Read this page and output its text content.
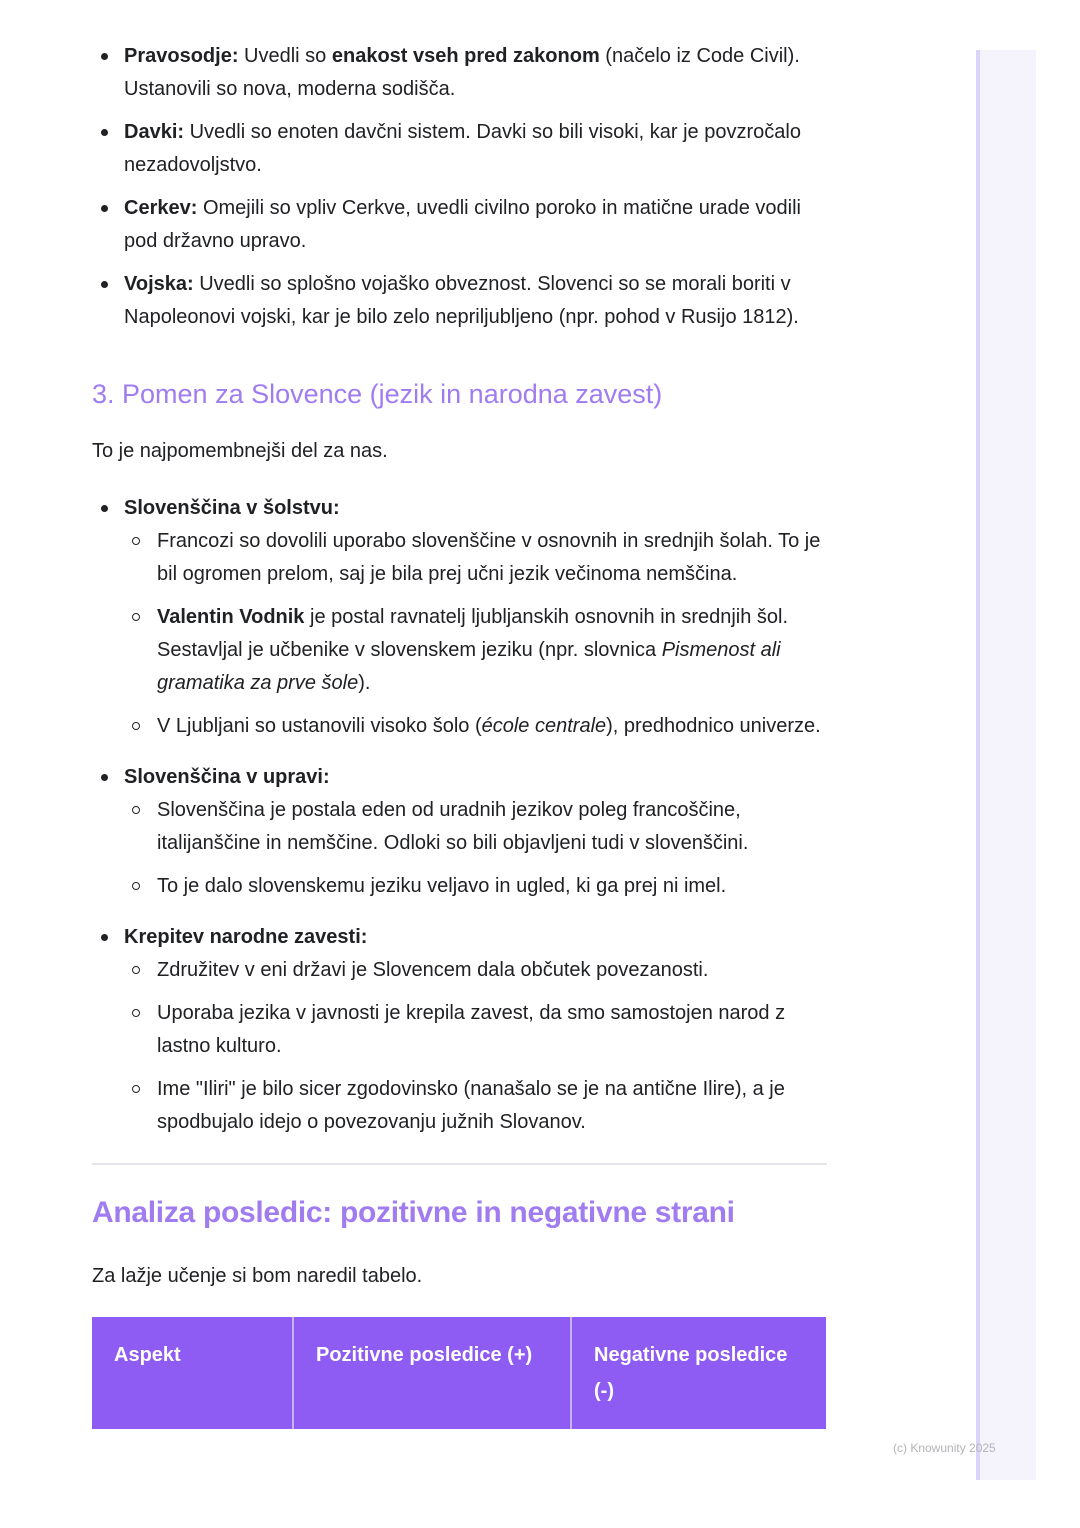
Pravosodje: Uvedli so enakost vseh pred zakonom (načelo iz Code Civil). Ustanovili so nova, moderna sodišča.
Davki: Uvedli so enoten davčni sistem. Davki so bili visoki, kar je povzročalo nezadovoljstvo.
Cerkev: Omejili so vpliv Cerkve, uvedli civilno poroko in matične urade vodili pod državno upravo.
Vojska: Uvedli so splošno vojaško obveznost. Slovenci so se morali boriti v Napoleonovi vojski, kar je bilo zelo nepriljubljeno (npr. pohod v Rusijo 1812).
3. Pomen za Slovence (jezik in narodna zavest)

To je najpomembnejši del za nas.

Slovenščina v šolstvu:
Francozi so dovolili uporabo slovenščine v osnovnih in srednjih šolah. To je bil ogromen prelom, saj je bila prej učni jezik večinoma nemščina.
Valentin Vodnik je postal ravnatelj ljubljanskih osnovnih in srednjih šol. Sestavljal je učbenike v slovenskem jeziku (npr. slovnica Pismenost ali gramatika za prve šole).
V Ljubljani so ustanovili visoko šolo (école centrale), predhodnico univerze.
Slovenščina v upravi:
Slovenščina je postala eden od uradnih jezikov poleg francoščine, italijanščine in nemščine. Odloki so bili objavljeni tudi v slovenščini.
To je dalo slovenskemu jeziku veljavo in ugled, ki ga prej ni imel.
Krepitev narodne zavesti:
Združitev v eni državi je Slovencem dala občutek povezanosti.
Uporaba jezika v javnosti je krepila zavest, da smo samostojen narod z lastno kulturo.
Ime "Iliri" je bilo sicer zgodovinsko (nanašalo se je na antične Ilire), a je spodbujalo idejo o povezovanju južnih Slovanov.
Analiza posledic: pozitivne in negativne strani

Za lažje učenje si bom naredil tabelo.

Aspekt	Pozitivne posledice (+)	Negativne posledice (-)
(c) Knowunity 2025
